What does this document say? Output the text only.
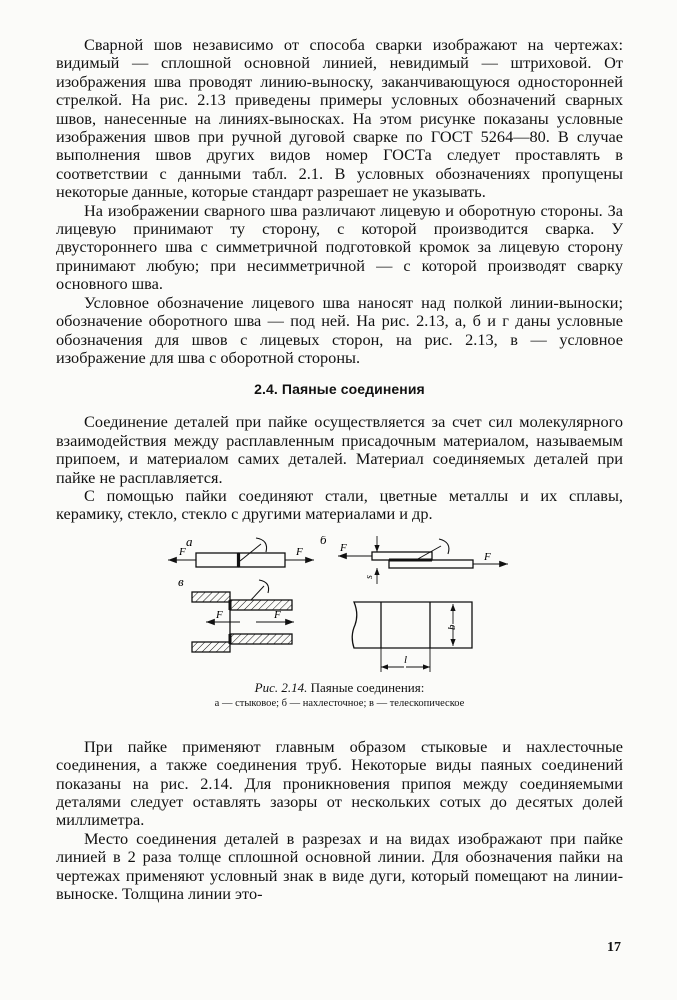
Сварной шов независимо от способа сварки изображают на чертежах: видимый — сплошной основной линией, невидимый — штриховой. От изображения шва проводят линию-выноску, заканчивающуюся односторонней стрелкой. На рис. 2.13 приведены примеры условных обозначений сварных швов, нанесенные на линиях-выносках. На этом рисунке показаны условные изображения швов при ручной дуговой сварке по ГОСТ 5264—80. В случае выполнения швов других видов номер ГОСТа следует проставлять в соответствии с данными табл. 2.1. В условных обозначениях пропущены некоторые данные, которые стандарт разрешает не указывать.

На изображении сварного шва различают лицевую и оборотную стороны. За лицевую принимают ту сторону, с которой производится сварка. У двустороннего шва с симметричной подготовкой кромок за лицевую сторону принимают любую; при несимметричной — с которой производят сварку основного шва.

Условное обозначение лицевого шва наносят над полкой линии-выноски; обозначение оборотного шва — под ней. На рис. 2.13, а, б и г даны условные обозначения для швов с лицевых сторон, на рис. 2.13, в — условное изображение для шва с оборотной стороны.

2.4. Паяные соединения

Соединение деталей при пайке осуществляется за счет сил молекулярного взаимодействия между расплавленным присадочным материалом, называемым припоем, и материалом самих деталей. Материал соединяемых деталей при пайке не расплавляется.

С помощью пайки соединяют стали, цветные металлы и их сплавы, керамику, стекло, стекло с другими материалами и др.

а
F	F
б
F
F
s
в
F	F
l
b
Рис. 2.14. Паяные соединения:
а — стыковое; б — нахлесточное; в — телескопическое

При пайке применяют главным образом стыковые и нахлесточные соединения, а также соединения труб. Некоторые виды паяных соединений показаны на рис. 2.14. Для проникновения припоя между соединяемыми деталями следует оставлять зазоры от нескольких сотых до десятых долей миллиметра.

Место соединения деталей в разрезах и на видах изображают при пайке линией в 2 раза толще сплошной основной линии. Для обозначения пайки на чертежах применяют условный знак в виде дуги, который помещают на линии-выноске. Толщина линии это-

17
